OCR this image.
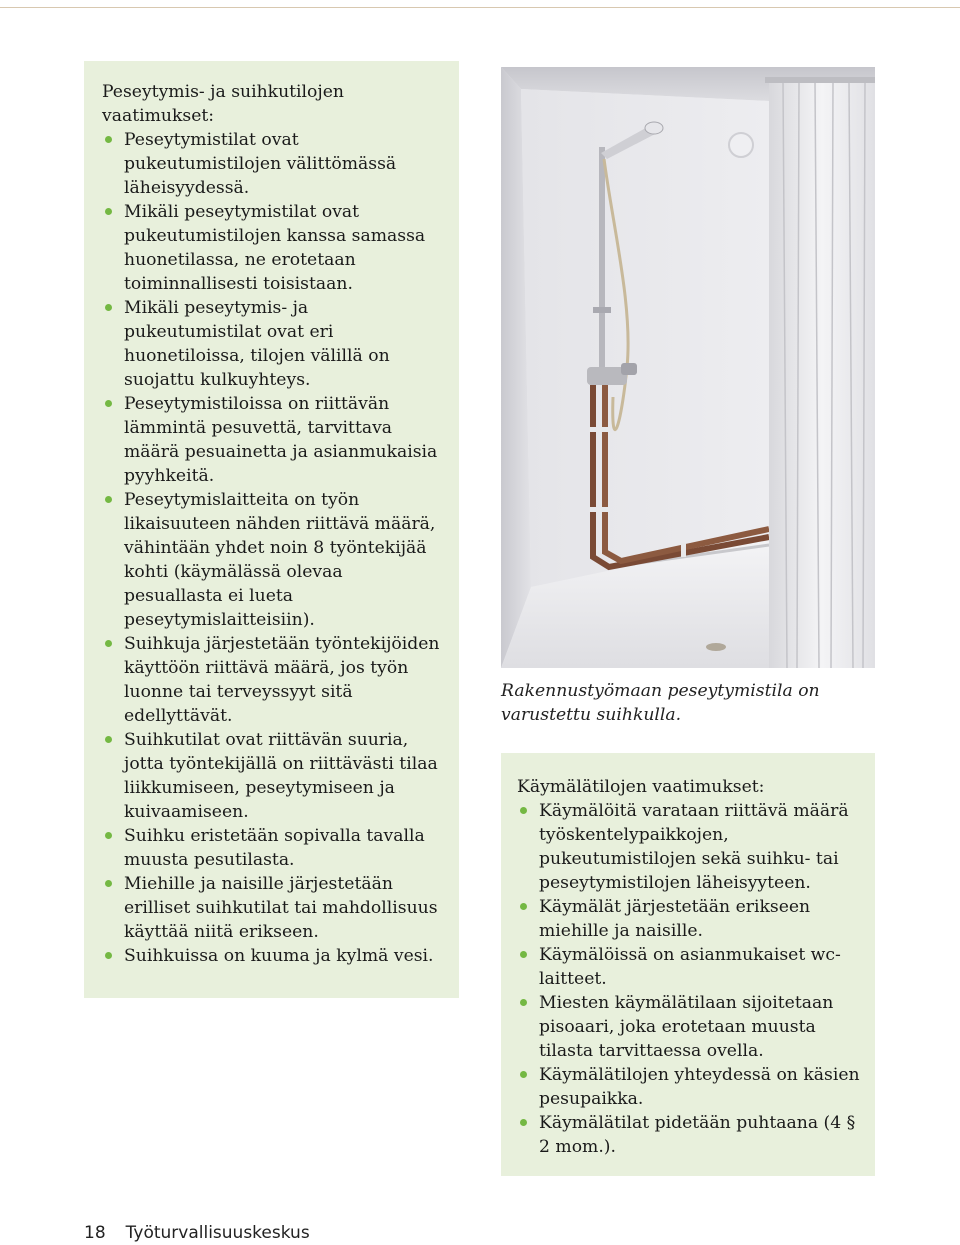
Peseytymis- ja suihkutilojen vaatimukset:

Peseytymistilat ovat pukeutumistilojen välittömässä läheisyydessä.
Mikäli peseytymistilat ovat pukeutumistilojen kanssa samassa huonetilassa, ne erotetaan toiminnallisesti toisistaan.
Mikäli peseytymis- ja pukeutumistilat ovat eri huonetiloissa, tilojen välillä on suojattu kulkuyhteys.
Peseytymistiloissa on riittävän lämmintä pesuvettä, tarvittava määrä pesuainetta ja asianmukaisia pyyhkeitä.
Peseytymislaitteita on työn likaisuuteen nähden riittävä määrä, vähintään yhdet noin 8 työntekijää kohti (käymälässä olevaa pesuallasta ei lueta peseytymislaitteisiin).
Suihkuja järjestetään työntekijöiden käyttöön riittävä määrä, jos työn luonne tai terveyssyyt sitä edellyttävät.
Suihkutilat ovat riittävän suuria, jotta työntekijällä on riittävästi tilaa liikkumiseen, peseytymiseen ja kuivaamiseen.
Suihku eristetään sopivalla tavalla muusta pesutilasta.
Miehille ja naisille järjestetään erilliset suihkutilat tai mahdollisuus käyttää niitä erikseen.
Suihkuissa on kuuma ja kylmä vesi.
Rakennustyömaan peseytymistila on varustettu suihkulla.

Käymälätilojen vaatimukset:

Käymälöitä varataan riittävä määrä työskentelypaikkojen, pukeutumistilojen sekä suihku- tai peseytymistilojen läheisyyteen.
Käymälät järjestetään erikseen miehille ja naisille.
Käymälöissä on asianmukaiset wc-laitteet.
Miesten käymälätilaan sijoitetaan pisoaari, joka erotetaan muusta tilasta tarvittaessa ovella.
Käymälätilojen yhteydessä on käsien pesupaikka.
Käymälätilat pidetään puhtaana (4 § 2 mom.).
18 Työturvallisuuskeskus
